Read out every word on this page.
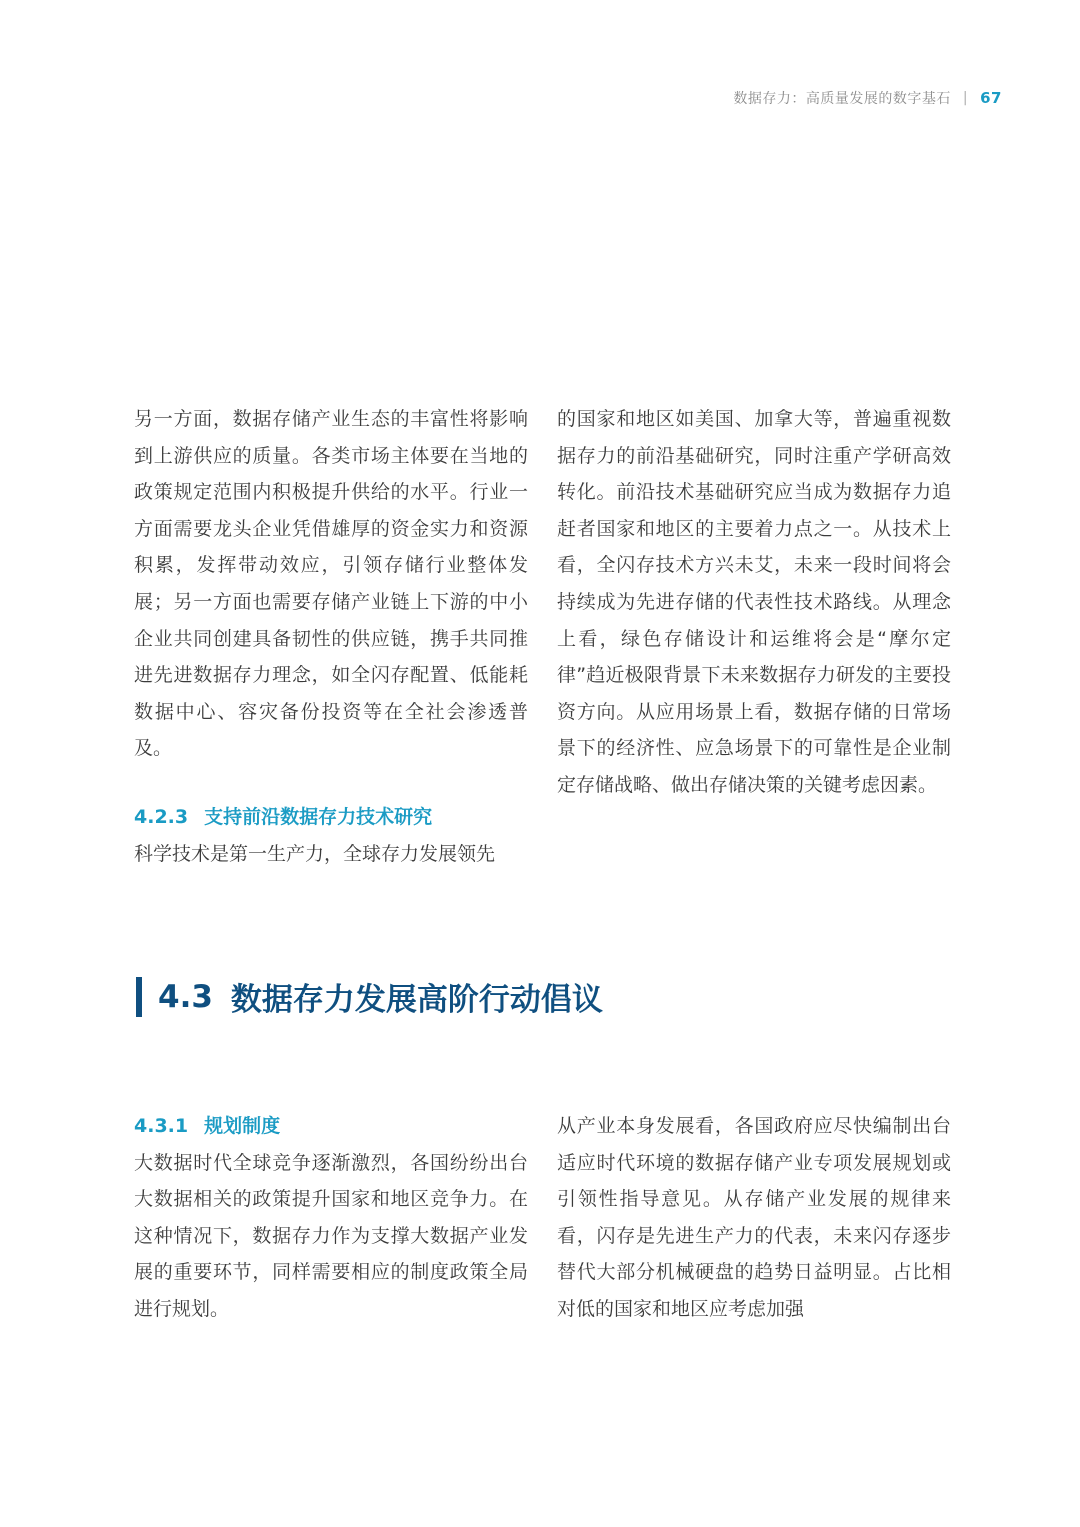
数据存力：高质量发展的数字基石 | 67

另一方面，数据存储产业生态的丰富性将影响到上游供应的质量。各类市场主体要在当地的政策规定范围内积极提升供给的水平。行业一方面需要龙头企业凭借雄厚的资金实力和资源积累，发挥带动效应，引领存储行业整体发展；另一方面也需要存储产业链上下游的中小企业共同创建具备韧性的供应链，携手共同推进先进数据存力理念，如全闪存配置、低能耗数据中心、容灾备份投资等在全社会渗透普及。

4.2.3 支持前沿数据存力技术研究

科学技术是第一生产力，全球存力发展领先

的国家和地区如美国、加拿大等，普遍重视数据存力的前沿基础研究，同时注重产学研高效转化。前沿技术基础研究应当成为数据存力追赶者国家和地区的主要着力点之一。从技术上看，全闪存技术方兴未艾，未来一段时间将会持续成为先进存储的代表性技术路线。从理念上看，绿色存储设计和运维将会是“摩尔定律”趋近极限背景下未来数据存力研发的主要投资方向。从应用场景上看，数据存储的日常场景下的经济性、应急场景下的可靠性是企业制定存储战略、做出存储决策的关键考虑因素。

4.3 数据存力发展高阶行动倡议
4.3.1 规划制度

大数据时代全球竞争逐渐激烈，各国纷纷出台大数据相关的政策提升国家和地区竞争力。在这种情况下，数据存力作为支撑大数据产业发展的重要环节，同样需要相应的制度政策全局进行规划。

从产业本身发展看，各国政府应尽快编制出台适应时代环境的数据存储产业专项发展规划或引领性指导意见。从存储产业发展的规律来看，闪存是先进生产力的代表，未来闪存逐步替代大部分机械硬盘的趋势日益明显。占比相对低的国家和地区应考虑加强
